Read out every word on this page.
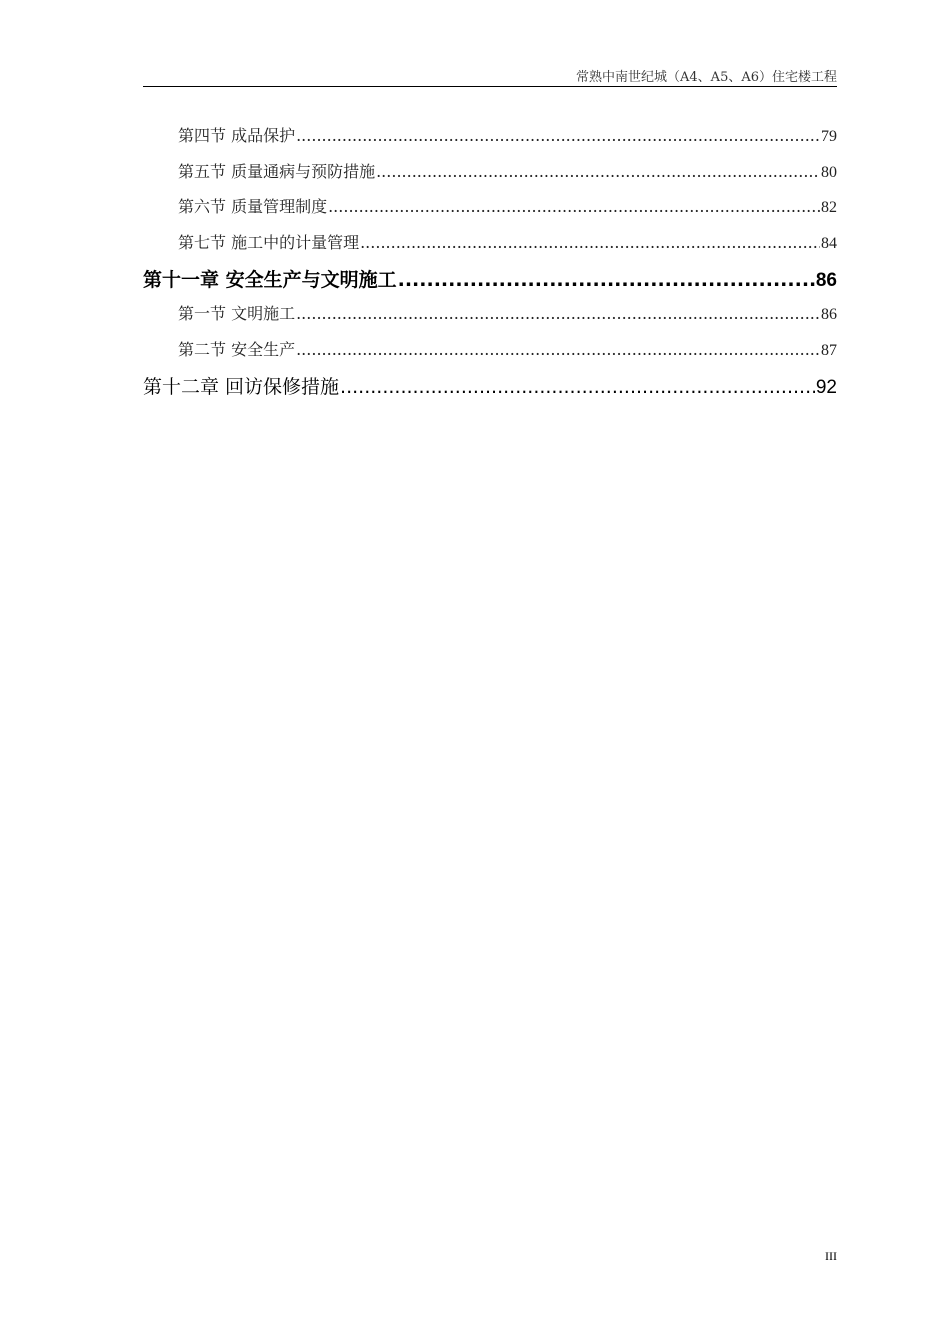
常熟中南世纪城（A4、A5、A6）住宅楼工程
第四节 成品保护 .....	79
第五节 质量通病与预防措施 .....	80
第六节 质量管理制度 .....	82
第七节 施工中的计量管理 .....	84
第十一章 安全生产与文明施工 .....	86
第一节 文明施工 .....	86
第二节 安全生产 .....	87
第十二章 回访保修措施 .....	92
III
